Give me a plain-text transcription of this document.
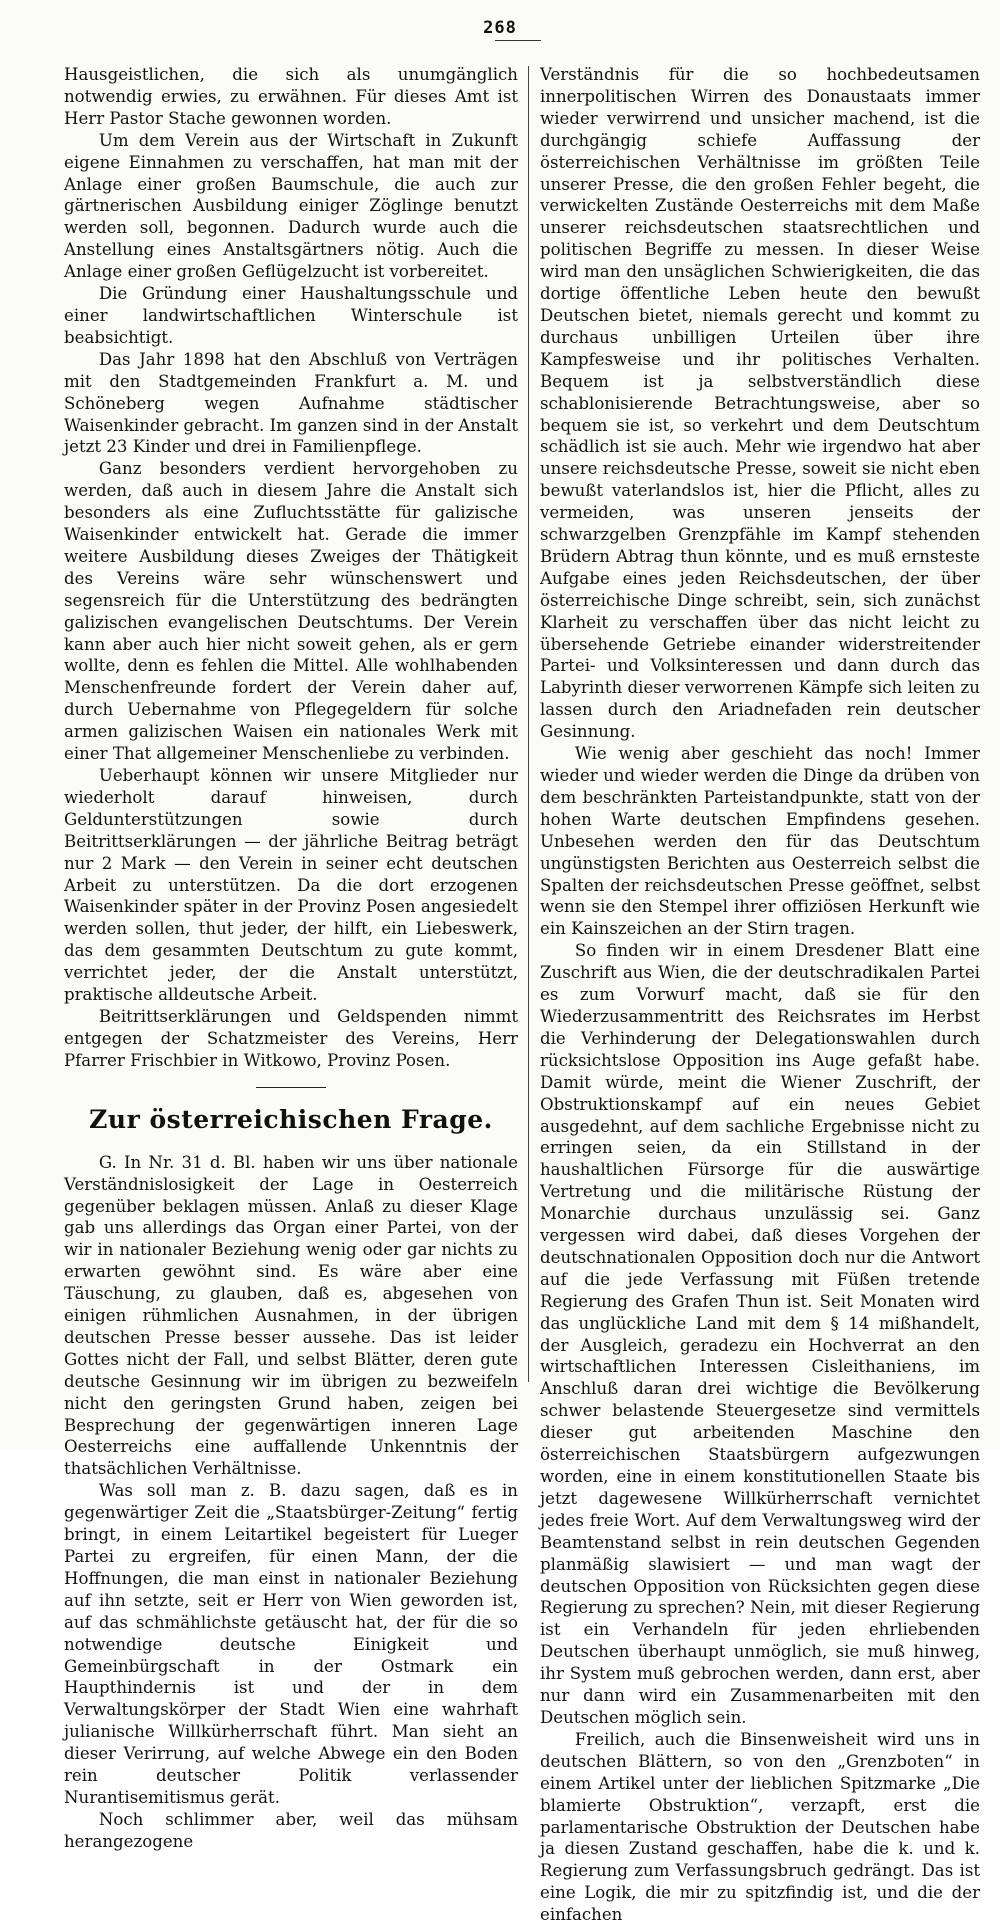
268

Hausgeistlichen, die sich als unumgänglich notwendig erwies, zu erwähnen. Für dieses Amt ist Herr Pastor Stache gewonnen worden.

Um dem Verein aus der Wirtschaft in Zukunft eigene Einnahmen zu verschaffen, hat man mit der Anlage einer großen Baumschule, die auch zur gärtnerischen Ausbildung einiger Zöglinge benutzt werden soll, begonnen. Dadurch wurde auch die Anstellung eines Anstaltsgärtners nötig. Auch die Anlage einer großen Geflügelzucht ist vorbereitet.

Die Gründung einer Haushaltungsschule und einer landwirtschaftlichen Winterschule ist beabsichtigt.

Das Jahr 1898 hat den Abschluß von Verträgen mit den Stadtgemeinden Frankfurt a. M. und Schöneberg wegen Aufnahme städtischer Waisenkinder gebracht. Im ganzen sind in der Anstalt jetzt 23 Kinder und drei in Familienpflege.

Ganz besonders verdient hervorgehoben zu werden, daß auch in diesem Jahre die Anstalt sich besonders als eine Zufluchtsstätte für galizische Waisenkinder entwickelt hat. Gerade die immer weitere Ausbildung dieses Zweiges der Thätigkeit des Vereins wäre sehr wünschenswert und segensreich für die Unterstützung des bedrängten galizischen evangelischen Deutschtums. Der Verein kann aber auch hier nicht soweit gehen, als er gern wollte, denn es fehlen die Mittel. Alle wohlhabenden Menschenfreunde fordert der Verein daher auf, durch Uebernahme von Pflegegeldern für solche armen galizischen Waisen ein nationales Werk mit einer That allgemeiner Menschenliebe zu verbinden.

Ueberhaupt können wir unsere Mitglieder nur wiederholt darauf hinweisen, durch Geldunterstützungen sowie durch Beitrittserklärungen — der jährliche Beitrag beträgt nur 2 Mark — den Verein in seiner echt deutschen Arbeit zu unterstützen. Da die dort erzogenen Waisenkinder später in der Provinz Posen angesiedelt werden sollen, thut jeder, der hilft, ein Liebeswerk, das dem gesammten Deutschtum zu gute kommt, verrichtet jeder, der die Anstalt unterstützt, praktische alldeutsche Arbeit.

Beitrittserklärungen und Geldspenden nimmt entgegen der Schatzmeister des Vereins, Herr Pfarrer Frischbier in Witkowo, Provinz Posen.

Zur österreichischen Frage.

G. In Nr. 31 d. Bl. haben wir uns über nationale Verständnislosigkeit der Lage in Oesterreich gegenüber beklagen müssen. Anlaß zu dieser Klage gab uns allerdings das Organ einer Partei, von der wir in nationaler Beziehung wenig oder gar nichts zu erwarten gewöhnt sind. Es wäre aber eine Täuschung, zu glauben, daß es, abgesehen von einigen rühmlichen Ausnahmen, in der übrigen deutschen Presse besser aussehe. Das ist leider Gottes nicht der Fall, und selbst Blätter, deren gute deutsche Gesinnung wir im übrigen zu bezweifeln nicht den geringsten Grund haben, zeigen bei Besprechung der gegenwärtigen inneren Lage Oesterreichs eine auffallende Unkenntnis der thatsächlichen Verhältnisse.

Was soll man z. B. dazu sagen, daß es in gegenwärtiger Zeit die „Staatsbürger-Zeitung“ fertig bringt, in einem Leitartikel begeistert für Lueger Partei zu ergreifen, für einen Mann, der die Hoffnungen, die man einst in nationaler Beziehung auf ihn setzte, seit er Herr von Wien geworden ist, auf das schmählichste getäuscht hat, der für die so notwendige deutsche Einigkeit und Gemeinbürgschaft in der Ostmark ein Haupthindernis ist und der in dem Verwaltungskörper der Stadt Wien eine wahrhaft julianische Willkürherrschaft führt. Man sieht an dieser Verirrung, auf welche Abwege ein den Boden rein deutscher Politik verlassender Nurantisemitismus gerät.

Noch schlimmer aber, weil das mühsam herangezogene

Verständnis für die so hochbedeutsamen innerpolitischen Wirren des Donaustaats immer wieder verwirrend und unsicher machend, ist die durchgängig schiefe Auffassung der österreichischen Verhältnisse im größten Teile unserer Presse, die den großen Fehler begeht, die verwickelten Zustände Oesterreichs mit dem Maße unserer reichsdeutschen staatsrechtlichen und politischen Begriffe zu messen. In dieser Weise wird man den unsäglichen Schwierigkeiten, die das dortige öffentliche Leben heute den bewußt Deutschen bietet, niemals gerecht und kommt zu durchaus unbilligen Urteilen über ihre Kampfesweise und ihr politisches Verhalten. Bequem ist ja selbstverständlich diese schablonisierende Betrachtungsweise, aber so bequem sie ist, so verkehrt und dem Deutschtum schädlich ist sie auch. Mehr wie irgendwo hat aber unsere reichsdeutsche Presse, soweit sie nicht eben bewußt vaterlandslos ist, hier die Pflicht, alles zu vermeiden, was unseren jenseits der schwarzgelben Grenzpfähle im Kampf stehenden Brüdern Abtrag thun könnte, und es muß ernsteste Aufgabe eines jeden Reichsdeutschen, der über österreichische Dinge schreibt, sein, sich zunächst Klarheit zu verschaffen über das nicht leicht zu übersehende Getriebe einander widerstreitender Partei- und Volksinteressen und dann durch das Labyrinth dieser verworrenen Kämpfe sich leiten zu lassen durch den Ariadnefaden rein deutscher Gesinnung.

Wie wenig aber geschieht das noch! Immer wieder und wieder werden die Dinge da drüben von dem beschränkten Parteistandpunkte, statt von der hohen Warte deutschen Empfindens gesehen. Unbesehen werden den für das Deutschtum ungünstigsten Berichten aus Oesterreich selbst die Spalten der reichsdeutschen Presse geöffnet, selbst wenn sie den Stempel ihrer offiziösen Herkunft wie ein Kainszeichen an der Stirn tragen.

So finden wir in einem Dresdener Blatt eine Zuschrift aus Wien, die der deutschradikalen Partei es zum Vorwurf macht, daß sie für den Wiederzusammentritt des Reichsrates im Herbst die Verhinderung der Delegationswahlen durch rücksichtslose Opposition ins Auge gefaßt habe. Damit würde, meint die Wiener Zuschrift, der Obstruktionskampf auf ein neues Gebiet ausgedehnt, auf dem sachliche Ergebnisse nicht zu erringen seien, da ein Stillstand in der haushaltlichen Fürsorge für die auswärtige Vertretung und die militärische Rüstung der Monarchie durchaus unzulässig sei. Ganz vergessen wird dabei, daß dieses Vorgehen der deutschnationalen Opposition doch nur die Antwort auf die jede Verfassung mit Füßen tretende Regierung des Grafen Thun ist. Seit Monaten wird das unglückliche Land mit dem § 14 mißhandelt, der Ausgleich, geradezu ein Hochverrat an den wirtschaftlichen Interessen Cisleithaniens, im Anschluß daran drei wichtige die Bevölkerung schwer belastende Steuergesetze sind vermittels dieser gut arbeitenden Maschine den österreichischen Staatsbürgern aufgezwungen worden, eine in einem konstitutionellen Staate bis jetzt dagewesene Willkürherrschaft vernichtet jedes freie Wort. Auf dem Verwaltungsweg wird der Beamtenstand selbst in rein deutschen Gegenden planmäßig slawisiert — und man wagt der deutschen Opposition von Rücksichten gegen diese Regierung zu sprechen? Nein, mit dieser Regierung ist ein Verhandeln für jeden ehrliebenden Deutschen überhaupt unmöglich, sie muß hinweg, ihr System muß gebrochen werden, dann erst, aber nur dann wird ein Zusammenarbeiten mit den Deutschen möglich sein.

Freilich, auch die Binsenweisheit wird uns in deutschen Blättern, so von den „Grenzboten“ in einem Artikel unter der lieblichen Spitzmarke „Die blamierte Obstruktion“, verzapft, erst die parlamentarische Obstruktion der Deutschen habe ja diesen Zustand geschaffen, habe die k. und k. Regierung zum Verfassungsbruch gedrängt. Das ist eine Logik, die mir zu spitzfindig ist, und die der einfachen
